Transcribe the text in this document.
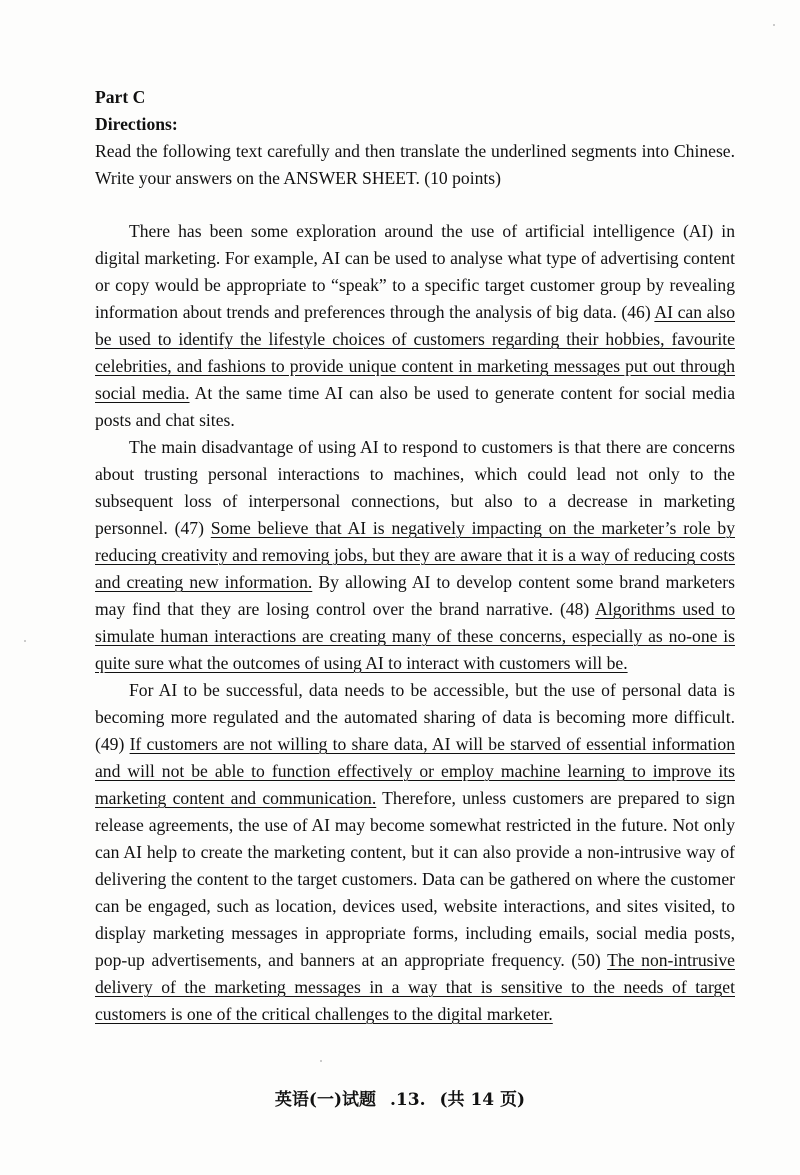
Part C

Directions:

Read the following text carefully and then translate the underlined segments into Chinese. Write your answers on the ANSWER SHEET. (10 points)

There has been some exploration around the use of artificial intelligence (AI) in digital marketing. For example, AI can be used to analyse what type of advertising content or copy would be appropriate to “speak” to a specific target customer group by revealing information about trends and preferences through the analysis of big data. (46) AI can also be used to identify the lifestyle choices of customers regarding their hobbies, favourite celebrities, and fashions to provide unique content in marketing messages put out through social media. At the same time AI can also be used to generate content for social media posts and chat sites.

The main disadvantage of using AI to respond to customers is that there are concerns about trusting personal interactions to machines, which could lead not only to the subsequent loss of interpersonal connections, but also to a decrease in marketing personnel. (47) Some believe that AI is negatively impacting on the marketer’s role by reducing creativity and removing jobs, but they are aware that it is a way of reducing costs and creating new information. By allowing AI to develop content some brand marketers may find that they are losing control over the brand narrative. (48) Algorithms used to simulate human interactions are creating many of these concerns, especially as no-one is quite sure what the outcomes of using AI to interact with customers will be.

For AI to be successful, data needs to be accessible, but the use of personal data is becoming more regulated and the automated sharing of data is becoming more difficult. (49) If customers are not willing to share data, AI will be starved of essential information and will not be able to function effectively or employ machine learning to improve its marketing content and communication. Therefore, unless customers are prepared to sign release agreements, the use of AI may become somewhat restricted in the future. Not only can AI help to create the marketing content, but it can also provide a non-intrusive way of delivering the content to the target customers. Data can be gathered on where the customer can be engaged, such as location, devices used, website interactions, and sites visited, to display marketing messages in appropriate forms, including emails, social media posts, pop-up advertisements, and banners at an appropriate frequency. (50) The non-intrusive delivery of the marketing messages in a way that is sensitive to the needs of target customers is one of the critical challenges to the digital marketer.

英语(一)试题 .13. (共 14 页)
